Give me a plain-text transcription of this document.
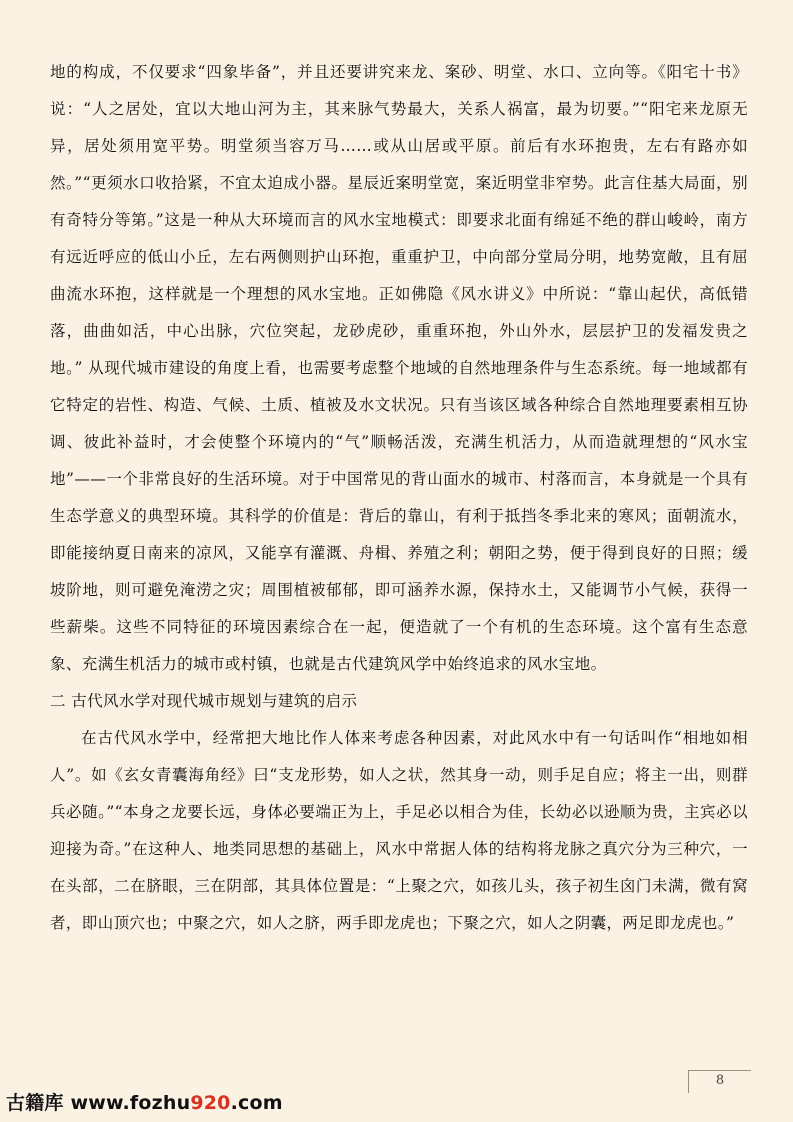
地的构成，不仅要求“四象毕备”，并且还要讲究来龙、案砂、明堂、水口、立向等。《阳宅十书》说：“人之居处，宜以大地山河为主，其来脉气势最大，关系人祸富，最为切要。”“阳宅来龙原无异，居处须用宽平势。明堂须当容万马……或从山居或平原。前后有水环抱贵，左右有路亦如然。”“更须水口收拾紧，不宜太迫成小器。星辰近案明堂宽，案近明堂非窄势。此言住基大局面，别有奇特分等第。”这是一种从大环境而言的风水宝地模式：即要求北面有绵延不绝的群山峻岭，南方有远近呼应的低山小丘，左右两侧则护山环抱，重重护卫，中向部分堂局分明，地势宽敞，且有屈曲流水环抱，这样就是一个理想的风水宝地。正如佛隐《风水讲义》中所说：“靠山起伏，高低错落，曲曲如活，中心出脉，穴位突起，龙砂虎砂，重重环抱，外山外水，层层护卫的发福发贵之地。” 从现代城市建设的角度上看，也需要考虑整个地域的自然地理条件与生态系统。每一地域都有它特定的岩性、构造、气候、土质、植被及水文状况。只有当该区域各种综合自然地理要素相互协调、彼此补益时，才会使整个环境内的“气”顺畅活泼，充满生机活力，从而造就理想的“风水宝地”——一个非常良好的生活环境。对于中国常见的背山面水的城市、村落而言，本身就是一个具有生态学意义的典型环境。其科学的价值是：背后的靠山，有利于抵挡冬季北来的寒风；面朝流水，即能接纳夏日南来的凉风，又能享有灌溉、舟楫、养殖之利；朝阳之势，便于得到良好的日照；缓坡阶地，则可避免淹涝之灾；周围植被郁郁，即可涵养水源，保持水土，又能调节小气候，获得一些薪柴。这些不同特征的环境因素综合在一起，便造就了一个有机的生态环境。这个富有生态意象、充满生机活力的城市或村镇，也就是古代建筑风学中始终追求的风水宝地。

二 古代风水学对现代城市规划与建筑的启示

在古代风水学中，经常把大地比作人体来考虑各种因素，对此风水中有一句话叫作“相地如相人”。如《玄女青囊海角经》曰“支龙形势，如人之状，然其身一动，则手足自应；将主一出，则群兵必随。”“本身之龙要长远，身体必要端正为上，手足必以相合为佳，长幼必以逊顺为贵，主宾必以迎接为奇。”在这种人、地类同思想的基础上，风水中常据人体的结构将龙脉之真穴分为三种穴，一在头部，二在脐眼，三在阴部，其具体位置是：“上聚之穴，如孩儿头，孩子初生囟门未满，微有窝者，即山顶穴也；中聚之穴，如人之脐，两手即龙虎也；下聚之穴，如人之阴囊，两足即龙虎也。”

8
古籍库 www.fozhu920.com
